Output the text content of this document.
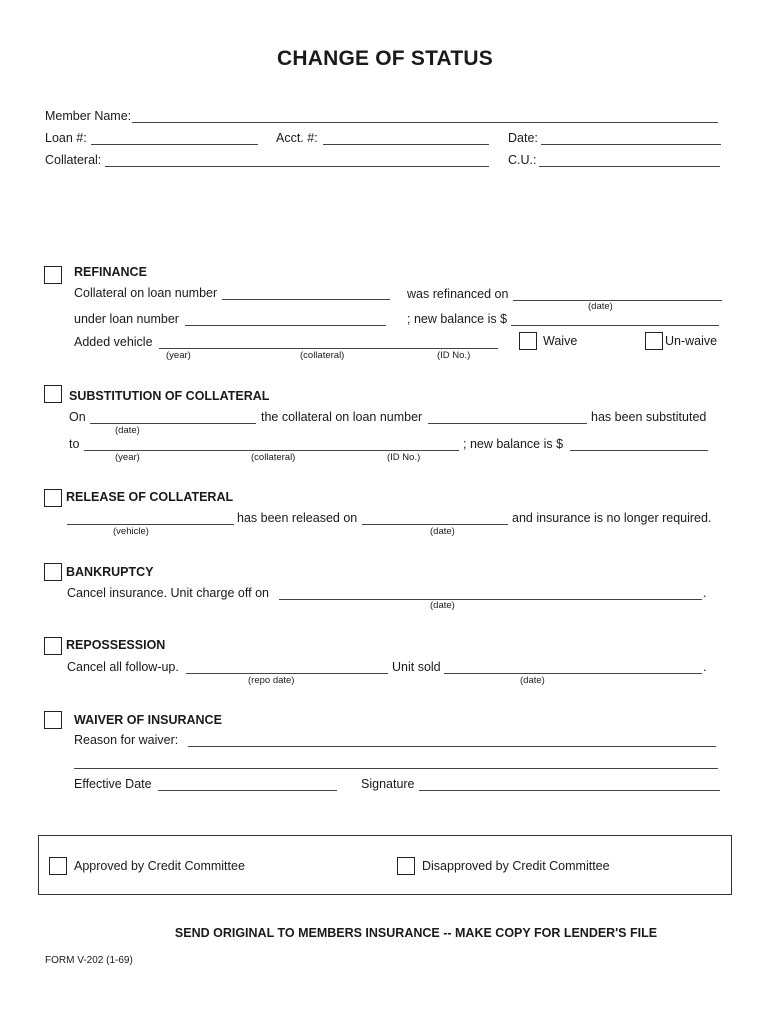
CHANGE OF STATUS
Member Name:
Loan #:	Acct. #:	Date:
Collateral:	C.U.:
REFINANCE
Collateral on loan number	was refinanced on
(date)
under loan number	; new balance is $
Added vehicle
(year)	(collateral)	(ID No.)
Waive	Un-waive
SUBSTITUTION OF COLLATERAL
On
(date)
the collateral on loan number	has been substituted
to
(year)	(collateral)	(ID No.)
; new balance is $
RELEASE OF COLLATERAL
(vehicle)
has been released on
(date)
and insurance is no longer required.
BANKRUPTCY
Cancel insurance. Unit charge off on	.
(date)
REPOSSESSION
Cancel all follow-up.
(repo date)
Unit sold	.
(date)
WAIVER OF INSURANCE
Reason for waiver:
Effective Date	Signature
Approved by Credit Committee	Disapproved by Credit Committee
SEND ORIGINAL TO MEMBERS INSURANCE -- MAKE COPY FOR LENDER'S FILE
FORM V-202 (1-69)
